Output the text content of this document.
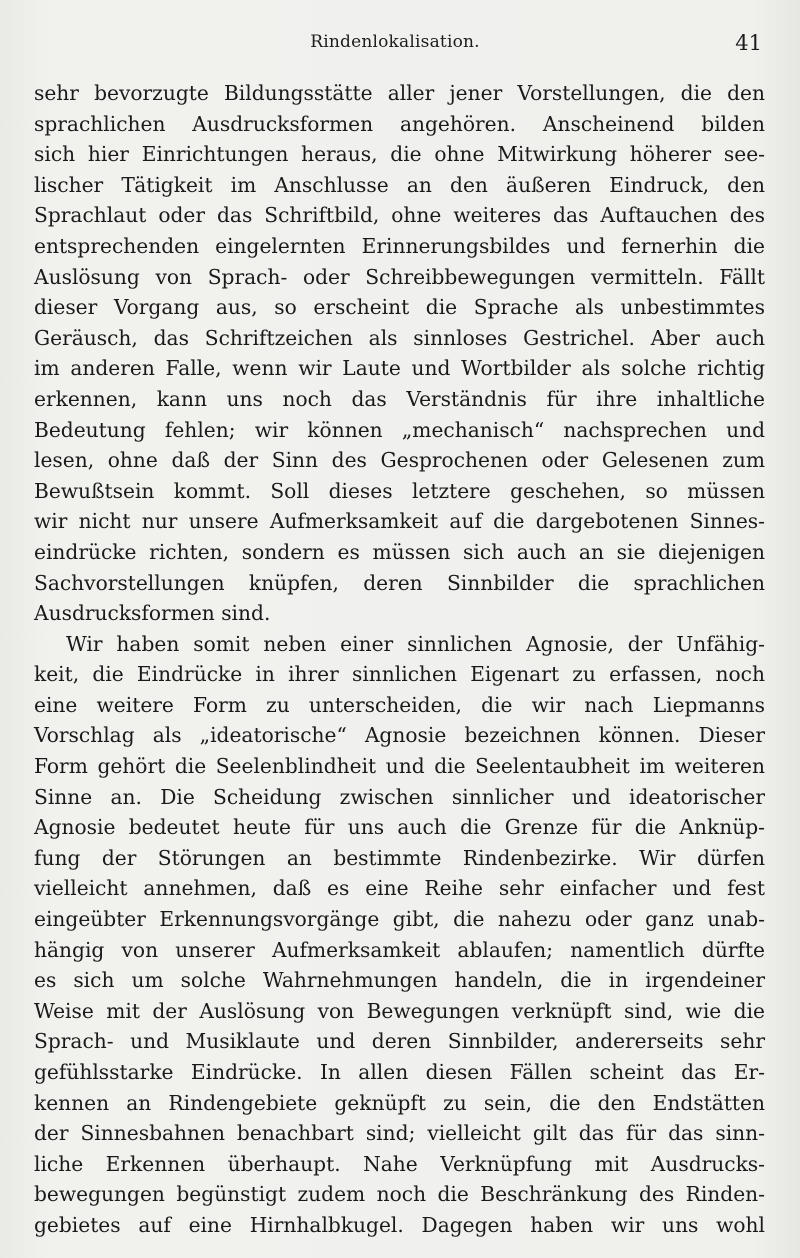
Rindenlokalisation.	41
sehr bevorzugte Bildungsstätte aller jener Vorstellungen, die den
sprachlichen Ausdrucksformen angehören. Anscheinend bilden
sich hier Einrichtungen heraus, die ohne Mitwirkung höherer see-
lischer Tätigkeit im Anschlusse an den äußeren Eindruck, den
Sprachlaut oder das Schriftbild, ohne weiteres das Auftauchen des
entsprechenden eingelernten Erinnerungsbildes und fernerhin die
Auslösung von Sprach- oder Schreibbewegungen vermitteln. Fällt
dieser Vorgang aus, so erscheint die Sprache als unbestimmtes
Geräusch, das Schriftzeichen als sinnloses Gestrichel. Aber auch
im anderen Falle, wenn wir Laute und Wortbilder als solche richtig
erkennen, kann uns noch das Verständnis für ihre inhaltliche
Bedeutung fehlen; wir können „mechanisch“ nachsprechen und
lesen, ohne daß der Sinn des Gesprochenen oder Gelesenen zum
Bewußtsein kommt. Soll dieses letztere geschehen, so müssen
wir nicht nur unsere Aufmerksamkeit auf die dargebotenen Sinnes-
eindrücke richten, sondern es müssen sich auch an sie diejenigen
Sachvorstellungen knüpfen, deren Sinnbilder die sprachlichen
Ausdrucksformen sind.
Wir haben somit neben einer sinnlichen Agnosie, der Unfähig-
keit, die Eindrücke in ihrer sinnlichen Eigenart zu erfassen, noch
eine weitere Form zu unterscheiden, die wir nach Liepmanns
Vorschlag als „ideatorische“ Agnosie bezeichnen können. Dieser
Form gehört die Seelenblindheit und die Seelentaubheit im weiteren
Sinne an. Die Scheidung zwischen sinnlicher und ideatorischer
Agnosie bedeutet heute für uns auch die Grenze für die Anknüp-
fung der Störungen an bestimmte Rindenbezirke. Wir dürfen
vielleicht annehmen, daß es eine Reihe sehr einfacher und fest
eingeübter Erkennungsvorgänge gibt, die nahezu oder ganz unab-
hängig von unserer Aufmerksamkeit ablaufen; namentlich dürfte
es sich um solche Wahrnehmungen handeln, die in irgendeiner
Weise mit der Auslösung von Bewegungen verknüpft sind, wie die
Sprach- und Musiklaute und deren Sinnbilder, andererseits sehr
gefühlsstarke Eindrücke. In allen diesen Fällen scheint das Er-
kennen an Rindengebiete geknüpft zu sein, die den Endstätten
der Sinnesbahnen benachbart sind; vielleicht gilt das für das sinn-
liche Erkennen überhaupt. Nahe Verknüpfung mit Ausdrucks-
bewegungen begünstigt zudem noch die Beschränkung des Rinden-
gebietes auf eine Hirnhalbkugel. Dagegen haben wir uns wohl
